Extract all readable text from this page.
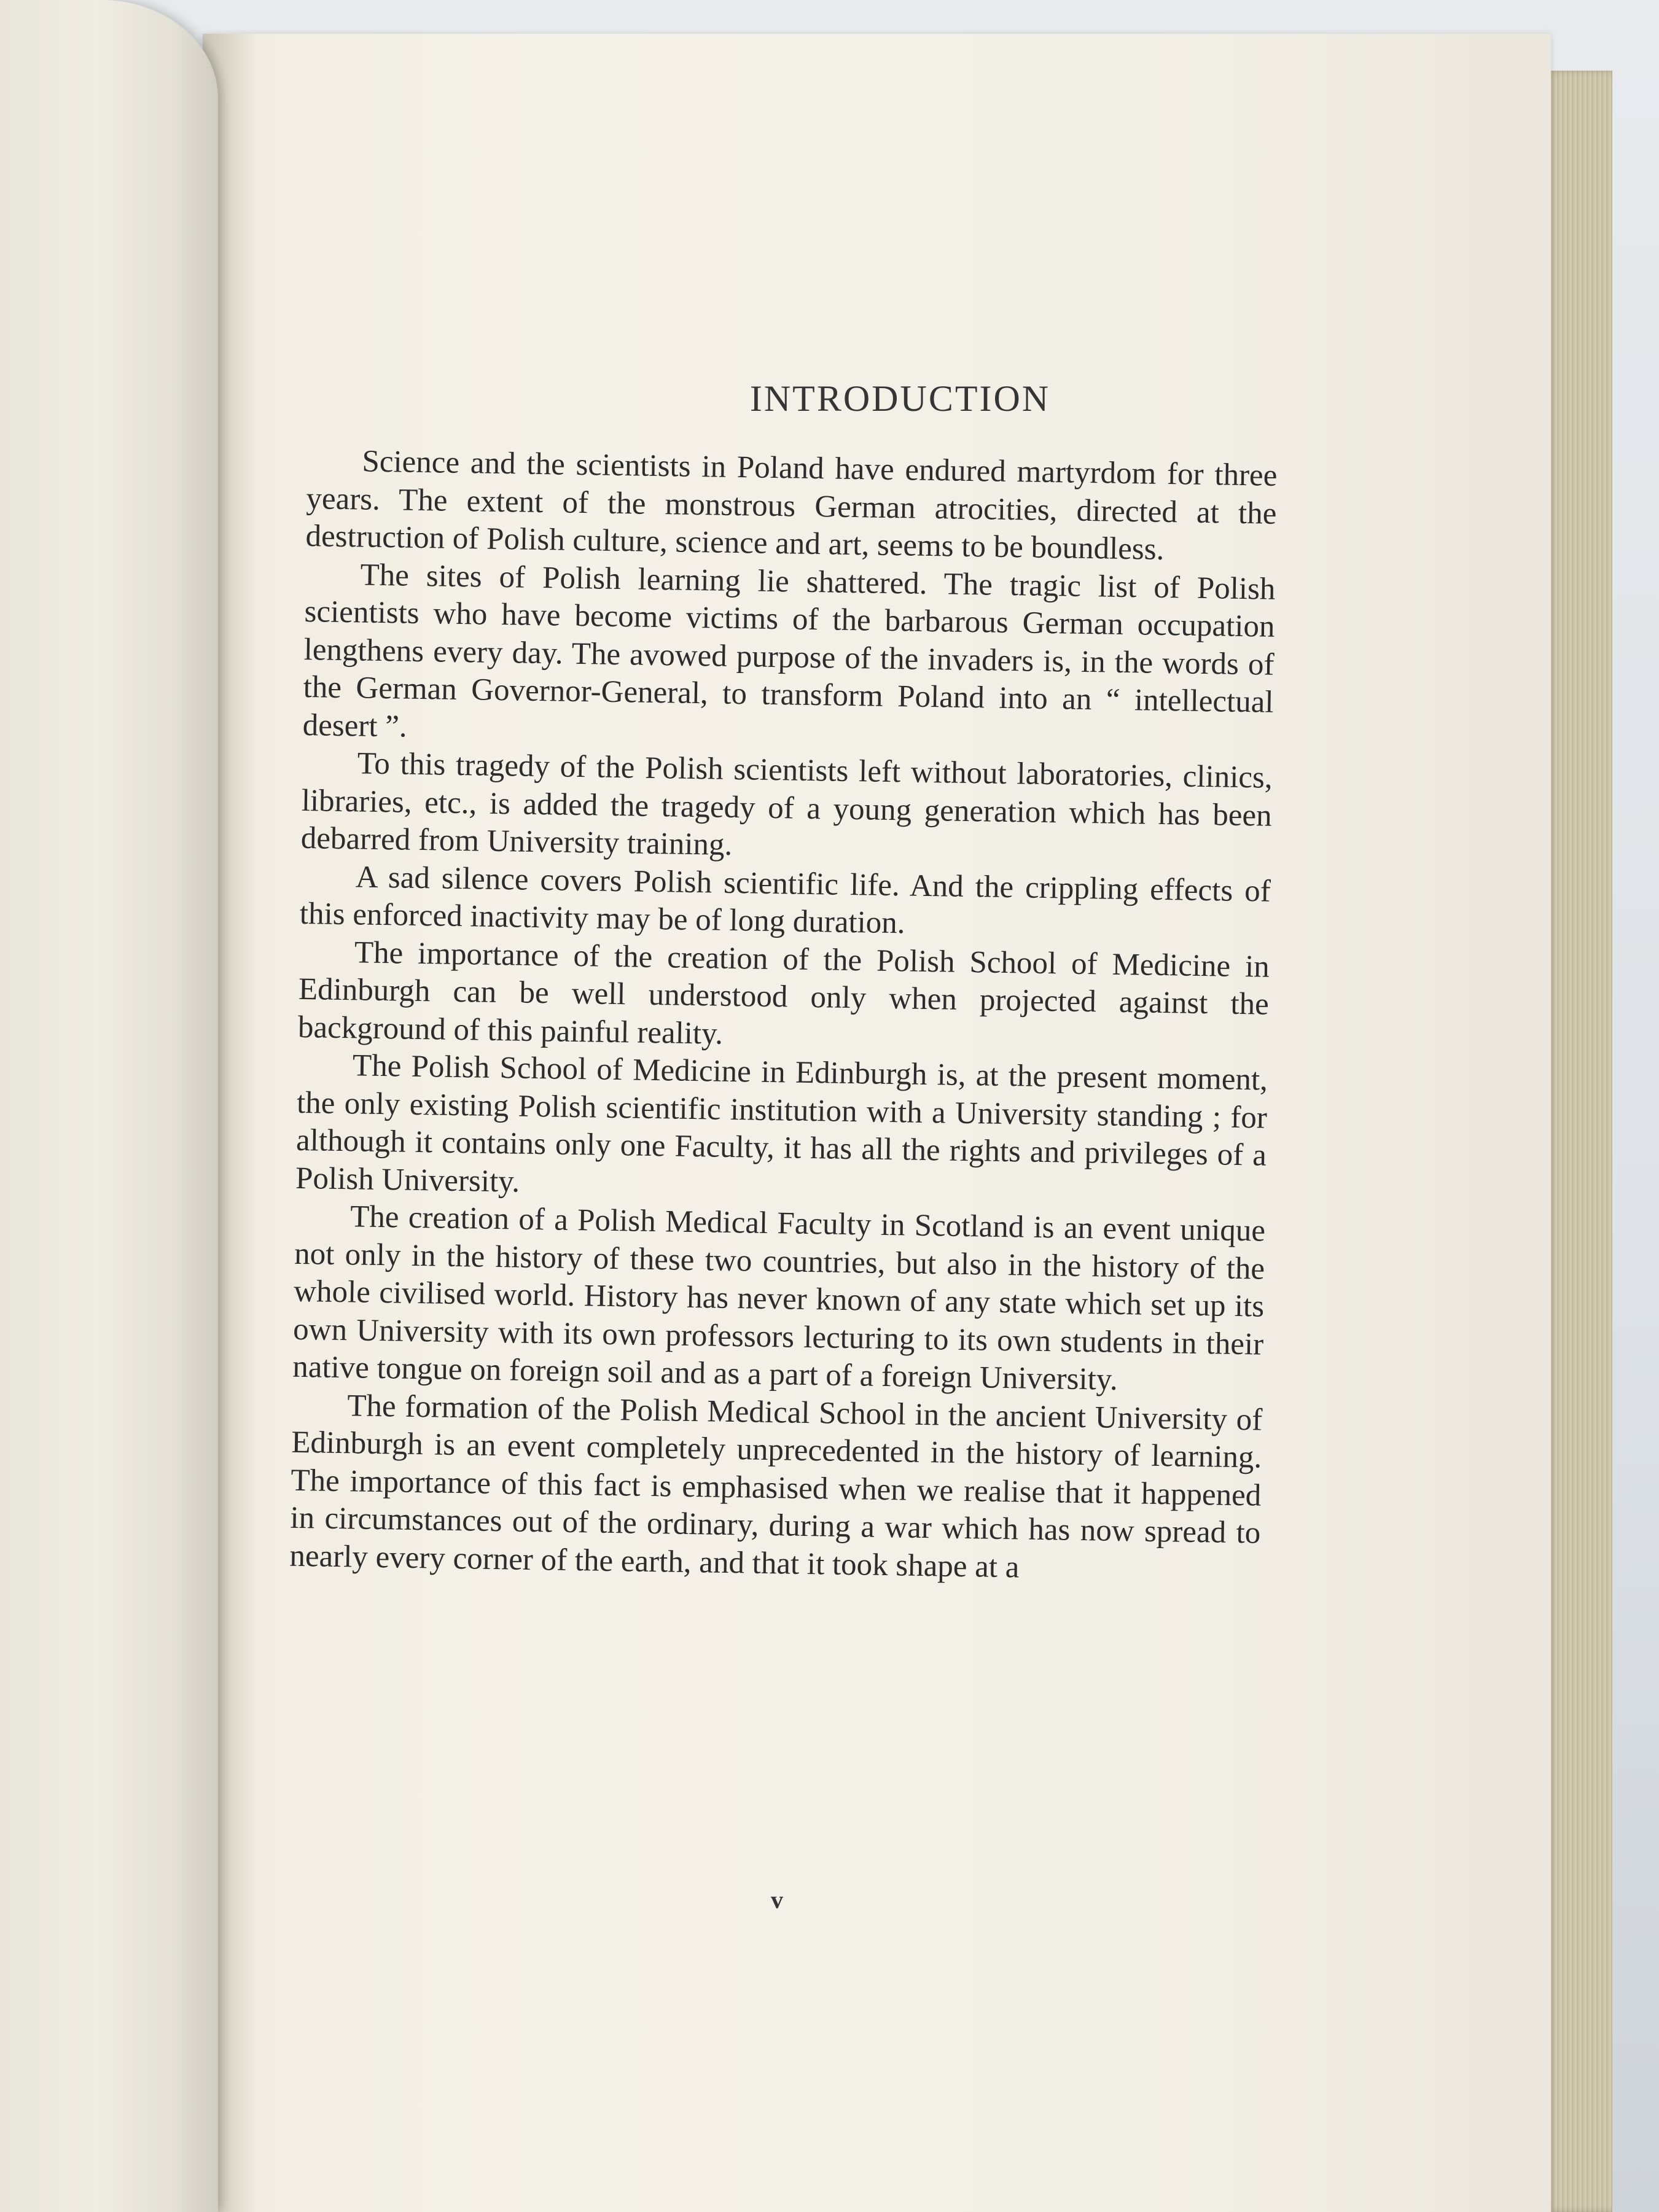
INTRODUCTION

Science and the scientists in Poland have endured martyrdom for three years. The extent of the monstrous German atrocities, directed at the destruction of Polish culture, science and art, seems to be boundless.

The sites of Polish learning lie shattered. The tragic list of Polish scientists who have become victims of the barbarous German occupation lengthens every day. The avowed purpose of the invaders is, in the words of the German Governor-General, to transform Poland into an “ intellectual desert ”.

To this tragedy of the Polish scientists left without laboratories, clinics, libraries, etc., is added the tragedy of a young generation which has been debarred from University training.

A sad silence covers Polish scientific life. And the crippling effects of this enforced inactivity may be of long duration.

The importance of the creation of the Polish School of Medicine in Edinburgh can be well understood only when projected against the background of this painful reality.

The Polish School of Medicine in Edinburgh is, at the present moment, the only existing Polish scientific institution with a University standing ; for although it contains only one Faculty, it has all the rights and privileges of a Polish University.

The creation of a Polish Medical Faculty in Scotland is an event unique not only in the history of these two countries, but also in the history of the whole civilised world. History has never known of any state which set up its own University with its own professors lecturing to its own students in their native tongue on foreign soil and as a part of a foreign University.

The formation of the Polish Medical School in the ancient University of Edinburgh is an event completely unprecedented in the history of learning. The importance of this fact is emphasised when we realise that it happened in circumstances out of the ordinary, during a war which has now spread to nearly every corner of the earth, and that it took shape at a

v
